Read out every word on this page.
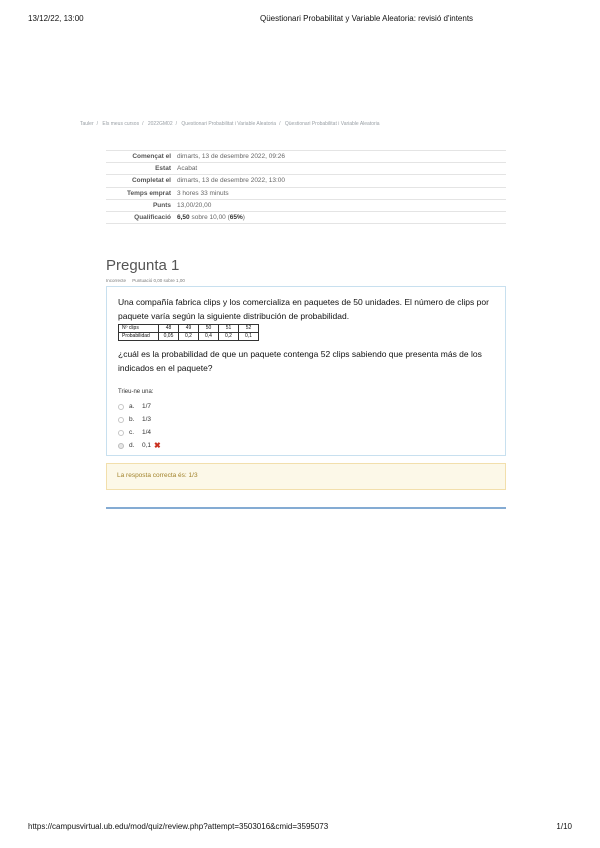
13/12/22, 13:00	Qüestionari Probabilitat y Variable Aleatoria: revisió d'intents
Tauler / Els meus cursos / 2022GM02 / Questionari Probabilitat i Variable Aleatoria / Qüestionari Probabilitat i Variable Aleatoria
Començat el dimarts, 13 de desembre 2022, 09:26
Estat Acabat
Completat el dimarts, 13 de desembre 2022, 13:00
Temps emprat 3 hores 33 minuts
Punts 13,00/20,00
Qualificació 6,50 sobre 10,00 (65%)
Pregunta 1
Incorrecte Puntuació 0,00 sobre 1,00
Una compañía fabrica clips y los comercializa en paquetes de 50 unidades. El número de clips por paquete varía según la siguiente distribución de probabilidad.
Nº clips	48	49	50	51	52
Probabilidad	0,05	0,2	0,4	0,2	0,1
¿cuál es la probabilidad de que un paquete contenga 52 clips sabiendo que presenta más de los indicados en el paquete?
Trieu-ne una:
a.	1/7
b.	1/3
c.	1/4
d.	0,1 ✖
La resposta correcta és: 1/3
https://campusvirtual.ub.edu/mod/quiz/review.php?attempt=3503016&cmid=3595073	1/10
